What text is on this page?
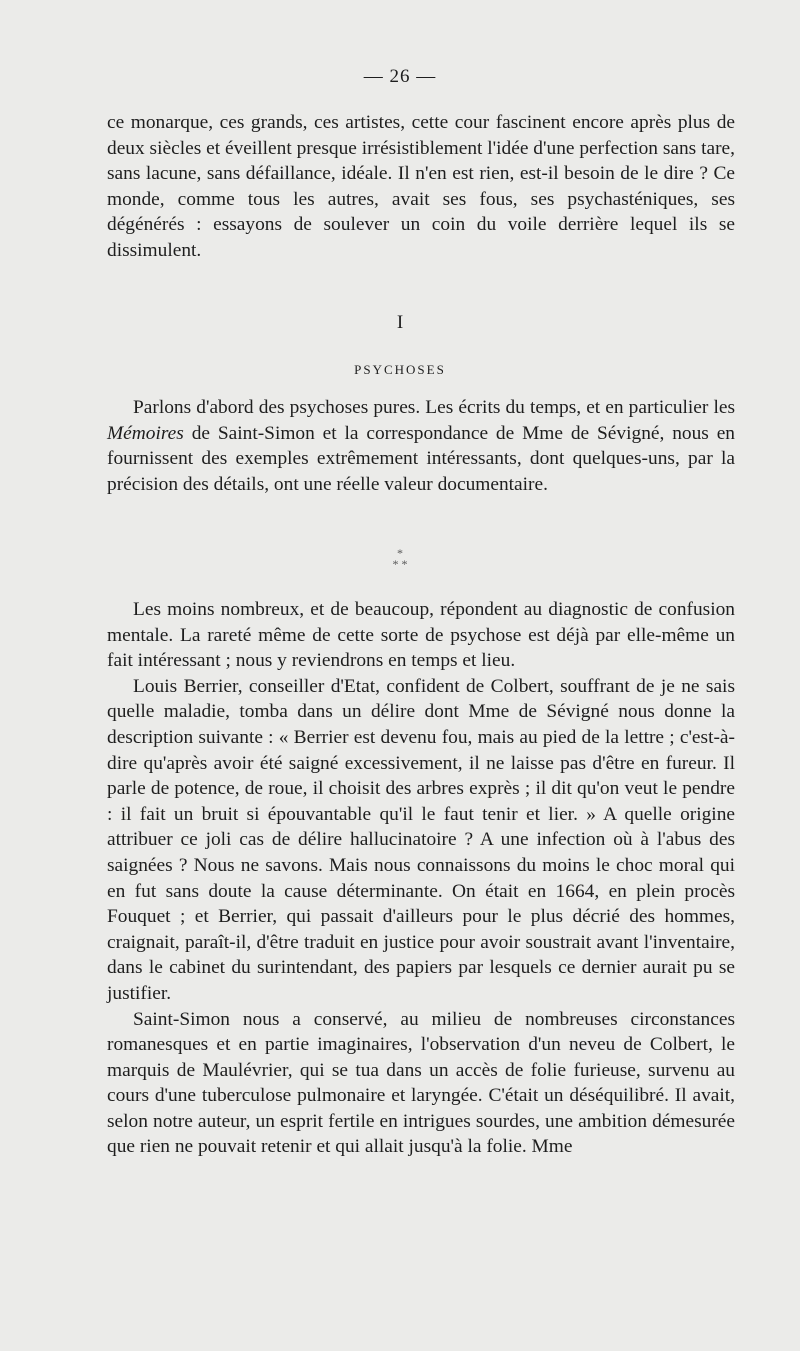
— 26 —

ce monarque, ces grands, ces artistes, cette cour fascinent encore après plus de deux siècles et éveillent presque irrésistiblement l'idée d'une perfection sans tare, sans lacune, sans défaillance, idéale. Il n'en est rien, est-il besoin de le dire ? Ce monde, comme tous les autres, avait ses fous, ses psychasténiques, ses dégénérés : essayons de soulever un coin du voile derrière lequel ils se dissimulent.

I
PSYCHOSES

Parlons d'abord des psychoses pures. Les écrits du temps, et en particulier les Mémoires de Saint-Simon et la correspondance de Mme de Sévigné, nous en fournissent des exemples extrêmement intéressants, dont quelques-uns, par la précision des détails, ont une réelle valeur documentaire.

*
* *

Les moins nombreux, et de beaucoup, répondent au diagnostic de confusion mentale. La rareté même de cette sorte de psychose est déjà par elle-même un fait intéressant ; nous y reviendrons en temps et lieu.

Louis Berrier, conseiller d'Etat, confident de Colbert, souffrant de je ne sais quelle maladie, tomba dans un délire dont Mme de Sévigné nous donne la description suivante : « Berrier est devenu fou, mais au pied de la lettre ; c'est-à-dire qu'après avoir été saigné excessivement, il ne laisse pas d'être en fureur. Il parle de potence, de roue, il choisit des arbres exprès ; il dit qu'on veut le pendre : il fait un bruit si épouvantable qu'il le faut tenir et lier. » A quelle origine attribuer ce joli cas de délire hallucinatoire ? A une infection où à l'abus des saignées ? Nous ne savons. Mais nous connaissons du moins le choc moral qui en fut sans doute la cause déterminante. On était en 1664, en plein procès Fouquet ; et Berrier, qui passait d'ailleurs pour le plus décrié des hommes, craignait, paraît-il, d'être traduit en justice pour avoir soustrait avant l'inventaire, dans le cabinet du surintendant, des papiers par lesquels ce dernier aurait pu se justifier.

Saint-Simon nous a conservé, au milieu de nombreuses circonstances romanesques et en partie imaginaires, l'observation d'un neveu de Colbert, le marquis de Maulévrier, qui se tua dans un accès de folie furieuse, survenu au cours d'une tuberculose pulmonaire et laryngée. C'était un déséquilibré. Il avait, selon notre auteur, un esprit fertile en intrigues sourdes, une ambition démesurée que rien ne pouvait retenir et qui allait jusqu'à la folie. Mme
